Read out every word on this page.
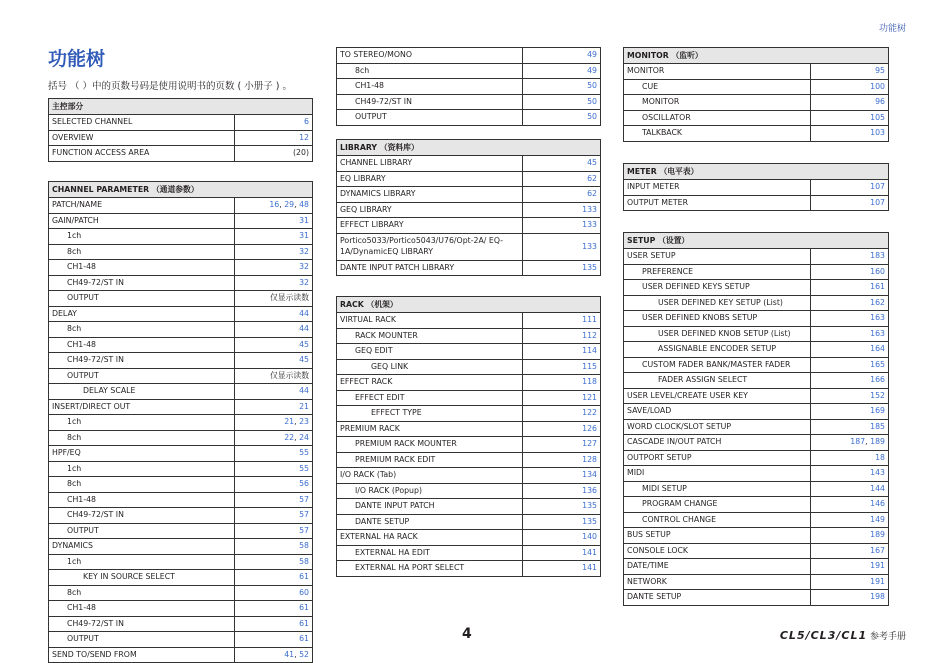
功能树
功能树
括号 （ ）中的页数号码是使用说明书的页数 ( 小册子 ) 。
主控部分	
SELECTED CHANNEL	6
OVERVIEW	12
FUNCTION ACCESS AREA	(20)
CHANNEL PARAMETER （通道参数）	
PATCH/NAME	16, 29, 48
GAIN/PATCH	31
1ch	31
8ch	32
CH1-48	32
CH49-72/ST IN	32
OUTPUT	仅显示读数
DELAY	44
8ch	44
CH1-48	45
CH49-72/ST IN	45
OUTPUT	仅显示读数
DELAY SCALE	44
INSERT/DIRECT OUT	21
1ch	21, 23
8ch	22, 24
HPF/EQ	55
1ch	55
8ch	56
CH1-48	57
CH49-72/ST IN	57
OUTPUT	57
DYNAMICS	58
1ch	58
KEY IN SOURCE SELECT	61
8ch	60
CH1-48	61
CH49-72/ST IN	61
OUTPUT	61
SEND TO/SEND FROM	41, 52
TO STEREO/MONO	49
8ch	49
CH1-48	50
CH49-72/ST IN	50
OUTPUT	50
LIBRARY （资料库）	
CHANNEL LIBRARY	45
EQ LIBRARY	62
DYNAMICS LIBRARY	62
GEQ LIBRARY	133
EFFECT LIBRARY	133
Portico5033/Portico5043/U76/Opt-2A/ EQ-1A/DynamicEQ LIBRARY	133
DANTE INPUT PATCH LIBRARY	135
RACK （机架）	
VIRTUAL RACK	111
RACK MOUNTER	112
GEQ EDIT	114
GEQ LINK	115
EFFECT RACK	118
EFFECT EDIT	121
EFFECT TYPE	122
PREMIUM RACK	126
PREMIUM RACK MOUNTER	127
PREMIUM RACK EDIT	128
I/O RACK (Tab)	134
I/O RACK (Popup)	136
DANTE INPUT PATCH	135
DANTE SETUP	135
EXTERNAL HA RACK	140
EXTERNAL HA EDIT	141
EXTERNAL HA PORT SELECT	141
MONITOR （监听）	
MONITOR	95
CUE	100
MONITOR	96
OSCILLATOR	105
TALKBACK	103
METER （电平表）	
INPUT METER	107
OUTPUT METER	107
SETUP （设置）	
USER SETUP	183
PREFERENCE	160
USER DEFINED KEYS SETUP	161
USER DEFINED KEY SETUP (List)	162
USER DEFINED KNOBS SETUP	163
USER DEFINED KNOB SETUP (List)	163
ASSIGNABLE ENCODER SETUP	164
CUSTOM FADER BANK/MASTER FADER	165
FADER ASSIGN SELECT	166
USER LEVEL/CREATE USER KEY	152
SAVE/LOAD	169
WORD CLOCK/SLOT SETUP	185
CASCADE IN/OUT PATCH	187, 189
OUTPORT SETUP	18
MIDI	143
MIDI SETUP	144
PROGRAM CHANGE	146
CONTROL CHANGE	149
BUS SETUP	189
CONSOLE LOCK	167
DATE/TIME	191
NETWORK	191
DANTE SETUP	198
4	CL5/CL3/CL1 参考手册
